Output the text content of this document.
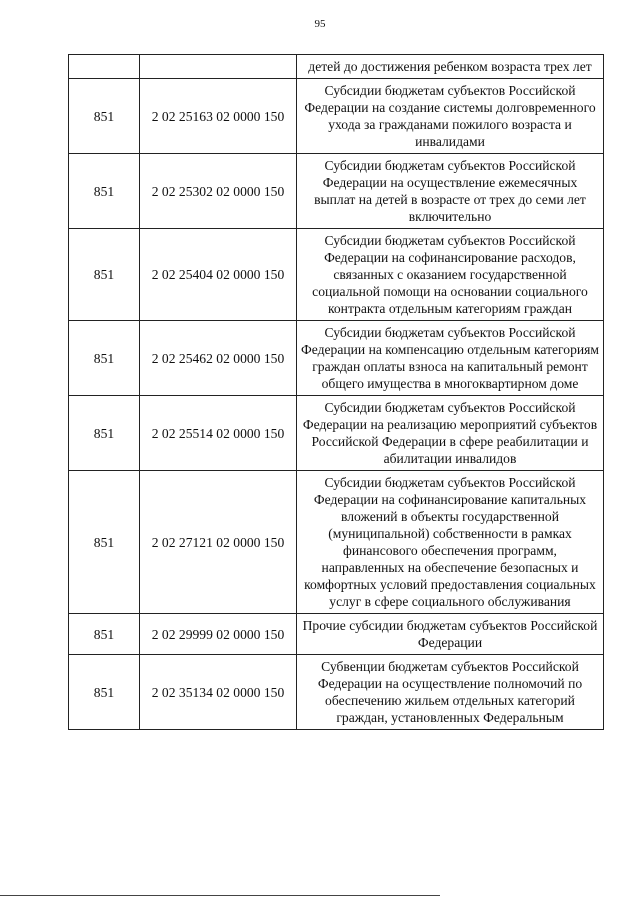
95
		детей до достижения ребенком возраста трех лет
851	2 02 25163 02 0000 150	Субсидии бюджетам субъектов Российской Федерации на создание системы долговременного ухода за гражданами пожилого возраста и инвалидами
851	2 02 25302 02 0000 150	Субсидии бюджетам субъектов Российской Федерации на осуществление ежемесячных выплат на детей в возрасте от трех до семи лет включительно
851	2 02 25404 02 0000 150	Субсидии бюджетам субъектов Российской Федерации на софинансирование расходов, связанных с оказанием государственной социальной помощи на основании социального контракта отдельным категориям граждан
851	2 02 25462 02 0000 150	Субсидии бюджетам субъектов Российской Федерации на компенсацию отдельным категориям граждан оплаты взноса на капитальный ремонт общего имущества в многоквартирном доме
851	2 02 25514 02 0000 150	Субсидии бюджетам субъектов Российской Федерации на реализацию мероприятий субъектов Российской Федерации в сфере реабилитации и абилитации инвалидов
851	2 02 27121 02 0000 150	Субсидии бюджетам субъектов Российской Федерации на софинансирование капитальных вложений в объекты государственной (муниципальной) собственности в рамках финансового обеспечения программ, направленных на обеспечение безопасных и комфортных условий предоставления социальных услуг в сфере социального обслуживания
851	2 02 29999 02 0000 150	Прочие субсидии бюджетам субъектов Российской Федерации
851	2 02 35134 02 0000 150	Субвенции бюджетам субъектов Российской Федерации на осуществление полномочий по обеспечению жильем отдельных категорий граждан, установленных Федеральным
